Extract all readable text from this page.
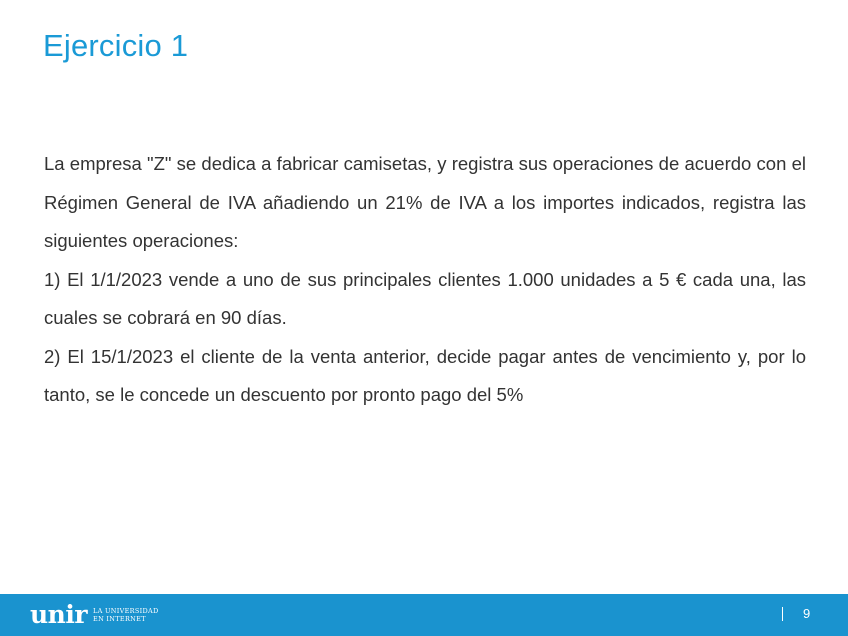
Ejercicio 1

La empresa "Z" se dedica a fabricar camisetas, y registra sus operaciones de acuerdo con el Régimen General de IVA añadiendo un 21% de IVA a los importes indicados, registra las siguientes operaciones:

1) El 1/1/2023 vende a uno de sus principales clientes 1.000 unidades a 5 € cada una, las cuales se cobrará en 90 días.

2) El 15/1/2023 el cliente de la venta anterior, decide pagar antes de vencimiento y, por lo tanto, se le concede un descuento por pronto pago del 5%

unir LA UNIVERSIDAD
EN INTERNET	9
